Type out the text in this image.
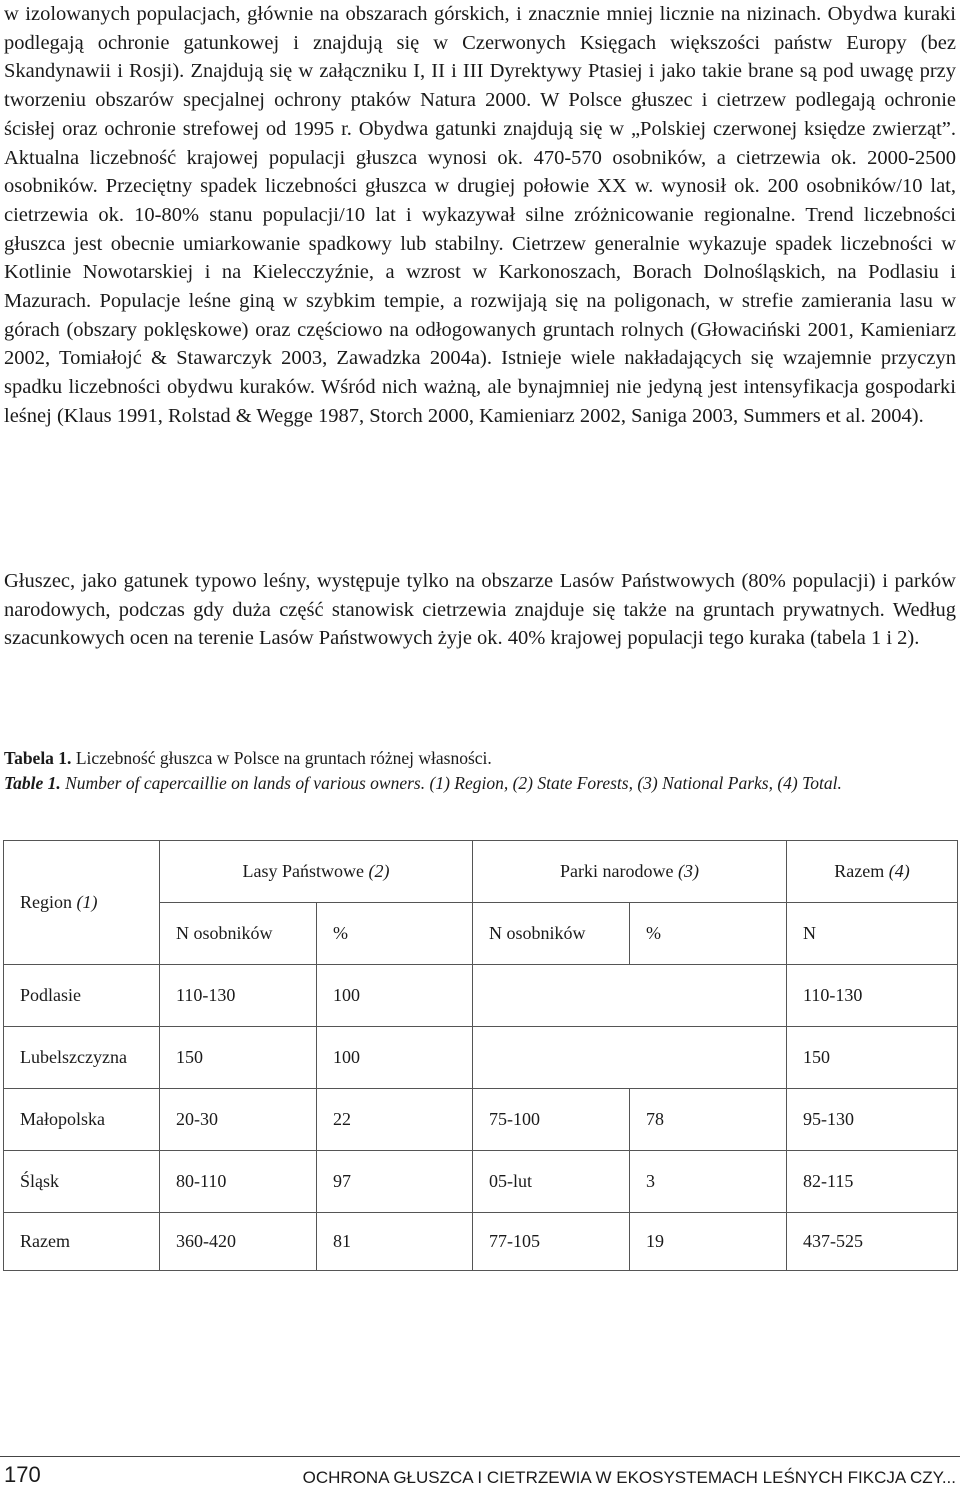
w izolowanych populacjach, głównie na obszarach górskich, i znacznie mniej licznie na nizinach. Obydwa kuraki podlegają ochronie gatunkowej i znajdują się w Czerwonych Księgach większości państw Europy (bez Skandynawii i Rosji). Znajdują się w załączniku I, II i III Dyrektywy Ptasiej i jako takie brane są pod uwagę przy tworzeniu obszarów specjalnej ochrony ptaków Natura 2000. W Polsce głuszec i cietrzew podlegają ochronie ścisłej oraz ochronie strefowej od 1995 r. Obydwa gatunki znajdują się w „Polskiej czerwonej księdze zwierząt”. Aktualna liczebność krajowej populacji głuszca wynosi ok. 470-570 osobników, a cietrzewia ok. 2000-2500 osobników. Przeciętny spadek liczebności głuszca w drugiej połowie XX w. wynosił ok. 200 osobników/10 lat, cietrzewia ok. 10-80% stanu populacji/10 lat i wykazywał silne zróżnicowanie regionalne. Trend liczebności głuszca jest obecnie umiarkowanie spadkowy lub stabilny. Cietrzew generalnie wykazuje spadek liczebności w Kotlinie Nowotarskiej i na Kielecczyźnie, a wzrost w Karkonoszach, Borach Dolnośląskich, na Podlasiu i Mazurach. Populacje leśne giną w szybkim tempie, a rozwijają się na poligonach, w strefie zamierania lasu w górach (obszary poklęskowe) oraz częściowo na odłogowanych gruntach rolnych (Głowaciński 2001, Kamieniarz 2002, Tomiałojć & Stawarczyk 2003, Zawadzka 2004a). Istnieje wiele nakładających się wzajemnie przyczyn spadku liczebności obydwu kuraków. Wśród nich ważną, ale bynajmniej nie jedyną jest intensyfikacja gospodarki leśnej (Klaus 1991, Rolstad & Wegge 1987, Storch 2000, Kamieniarz 2002, Saniga 2003, Summers et al. 2004).

Głuszec, jako gatunek typowo leśny, występuje tylko na obszarze Lasów Państwowych (80% populacji) i parków narodowych, podczas gdy duża część stanowisk cietrzewia znajduje się także na gruntach prywatnych. Według szacunkowych ocen na terenie Lasów Państwowych żyje ok. 40% krajowej populacji tego kuraka (tabela 1 i 2).

Tabela 1. Liczebność głuszca w Polsce na gruntach różnej własności.

Table 1. Number of capercaillie on lands of various owners. (1) Region, (2) State Forests, (3) National Parks, (4) Total.

Region (1)	Lasy Państwowe (2)		Parki narodowe (3)		Razem (4)
	N osobników	%	N osobników	%	N
Podlasie	110-130	100			110-130
Lubelszczyzna	150	100			150
Małopolska	20-30	22	75-100	78	95-130
Śląsk	80-110	97	05-lut	3	82-115
Razem	360-420	81	77-105	19	437-525
170	OCHRONA GŁUSZCA I CIETRZEWIA W EKOSYSTEMACH LEŚNYCH FIKCJA CZY...
